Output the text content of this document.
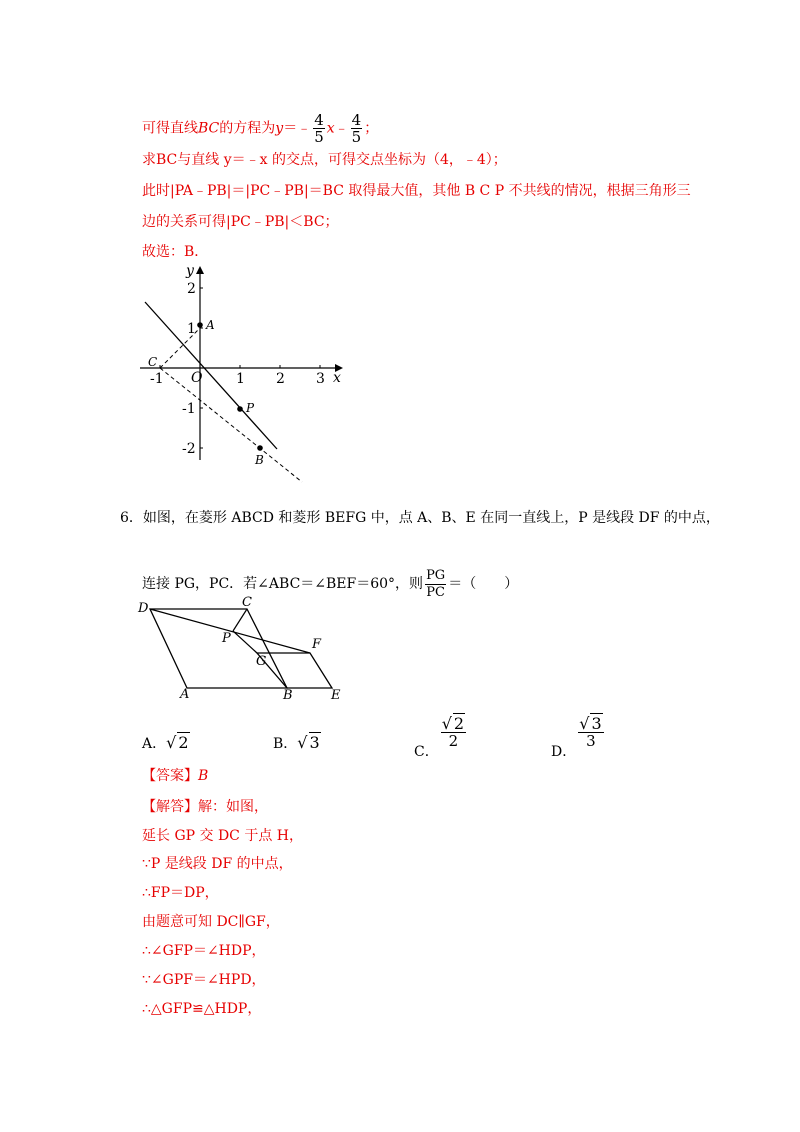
可得直线BC的方程为y＝﹣ $\frac{4}{5}$ x﹣ $\frac{4}{5}$ ；
求BC与直线 y＝﹣x 的交点，可得交点坐标为（4，﹣4）；
此时|PA﹣PB|＝|PC﹣PB|＝BC 取得最大值，其他 B C P 不共线的情况，根据三角形三
边的关系可得|PC﹣PB|＜BC；
故选：B．
y
x
O
-1	1 2 3
2
1
-1
-2
A
P
B
C
6．如图，在菱形 ABCD 和菱形 BEFG 中，点 A、B、E 在同一直线上，P 是线段 DF 的中点，
连接 PG，PC．若∠ABC＝∠BEF＝60°，则 $\frac{PG}{PC}$ ＝（　　）
D	C
P	F
G
A	B	E
A．√ 2	B．√ 3	C．
$\frac{√ 2}{2}$
D．
$\frac{√ 3}{3}$
【答案】B
【解答】解：如图，
延长 GP 交 DC 于点 H，
∵P 是线段 DF 的中点，
∴FP＝DP，
由题意可知 DC∥GF，
∴∠GFP＝∠HDP，
∵∠GPF＝∠HPD，
∴△GFP≌△HDP，
